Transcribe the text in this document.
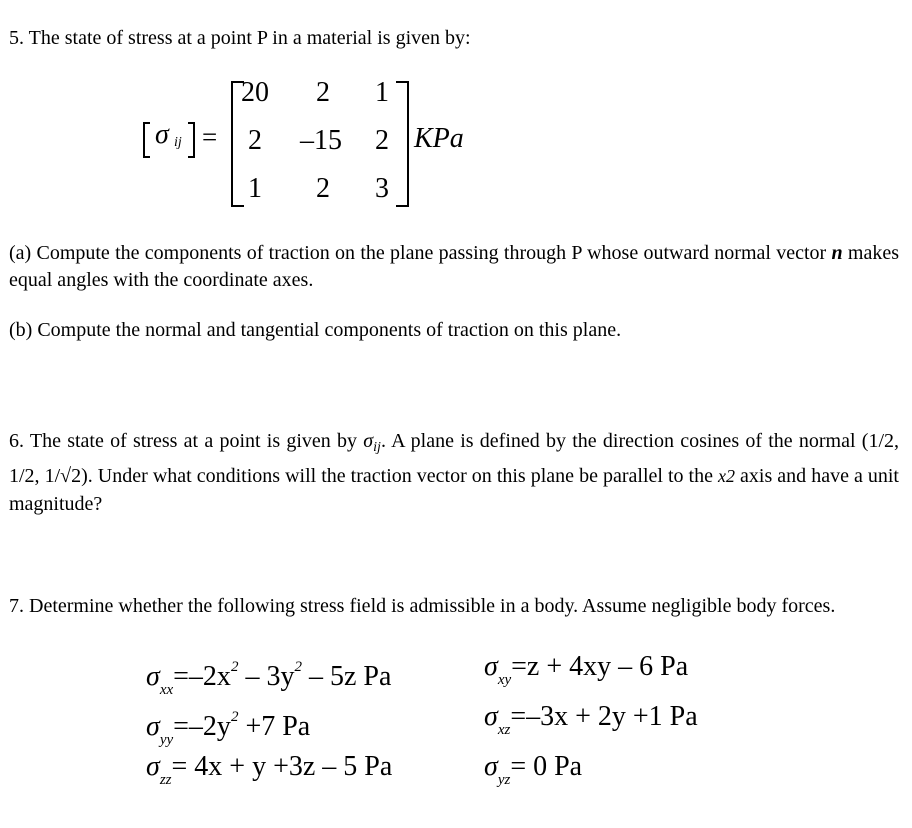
5. The state of stress at a point P in a material is given by:
σ ij =
20	2	1
2	–15	2
1	2	3
KPa
(a) Compute the components of traction on the plane passing through P whose outward normal vector n makes equal angles with the coordinate axes.
(b) Compute the normal and tangential components of traction on this plane.
6. The state of stress at a point is given by $\sigma_{ij}$. A plane is defined by the direction cosines of the normal (1/2, 1/2, 1/√2). Under what conditions will the traction vector on this plane be parallel to the x2 axis and have a unit magnitude?
7. Determine whether the following stress field is admissible in a body. Assume negligible body forces.
$\sigma_{xx}=-2x^2 - 3y^2 - 5z$ Pa	$\sigma_{xy}=z + 4xy - 6$ Pa
$\sigma_{yy}=-2y^2 +7$ Pa	$\sigma_{xz}=-3x + 2y +1$ Pa
$\sigma_{zz}= 4x + y +3z - 5$ Pa	$\sigma_{yz}= 0$ Pa
